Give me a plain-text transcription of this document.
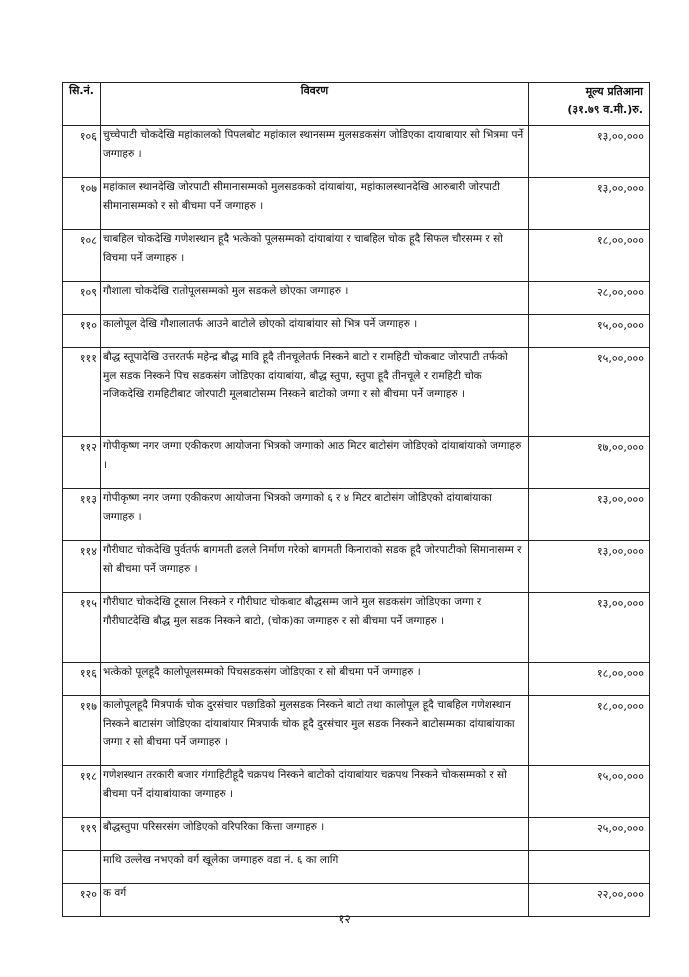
सि.नं.	विवरण	मूल्य प्रतिआना
(३१.७९ व.मी.)रु.

१०६	चुच्चेपाटी चोकदेखि महांकालको पिपलबोट महांकाल स्थानसम्म मुलसडकसंग जोडिएका दायाबायार सो भित्रमा पर्ने जग्गाहरु ।	१३,००,०००
१०७	महांकाल स्थानदेखि जोरपाटी सीमानासम्मको मुलसडकको दांयाबांया, महांकालस्थानदेखि आरुबारी जोरपाटी सीमानासम्मको र सो बीचमा पर्ने जग्गाहरु ।	१३,००,०००
१०८	चाबहिल चोकदेखि गणेशस्थान हूदै भत्केको पूलसम्मको दांयाबांया र चाबहिल चोक हूदै सिफल चौरसम्म र सो विचमा पर्ने जग्गाहरु ।	१८,००,०००
१०९	गौशाला चोकदेखि रातोपूलसम्मको मुल सडकले छोएका जग्गाहरु ।	२८,००,०००
११०	कालोपूल देखि गौशालातर्फ आउने बाटोले छोएको दांयाबांयार सो भित्र पर्ने जग्गाहरु ।	१५,००,०००
१११	बौद्ध स्तूपादेखि उत्तरतर्फ महेन्द्र बौद्ध मावि हूदै तीनचूलेतर्फ निस्कने बाटो र रामहिटी चोकबाट जोरपाटी तर्फको मुल सडक निस्कने पिच सडकसंग जोडिएका दांयाबांया, बौद्ध स्तुपा, स्तुपा हूदै तीनचूले र रामहिटी चोक नजिकदेखि रामहिटीबाट जोरपाटी मूलबाटोसम्म निस्कने बाटोको जग्गा र सो बीचमा पर्ने जग्गाहरु ।	१५,००,०००
११२	गोपीकृष्ण नगर जग्गा एकीकरण आयोजना भित्रको जग्गाको आठ मिटर बाटोसंग जोडिएको दांयाबांयाको जग्गाहरु ।	१७,००,०००
११३	गोपीकृष्ण नगर जग्गा एकीकरण आयोजना भित्रको जग्गाको ६ र ४ मिटर बाटोसंग जोडिएको दांयाबांयाका जग्गाहरु ।	१३,००,०००
११४	गौरीघाट चोकदेखि पुर्वतर्फ बागमती ढलले निर्माण गरेको बागमती किनाराको सडक हूदै जोरपाटीको सिमानासम्म र सो बीचमा पर्ने जग्गाहरु ।	१३,००,०००
११५	गौरीघाट चोकदेखि टूसाल निस्कने र गौरीघाट चोकबाट बौद्धसम्म जाने मुल सडकसंग जोडिएका जग्गा र गौरीघाटदेखि बौद्ध मुल सडक निस्कने बाटो, (चोक)का जग्गाहरु र सो बीचमा पर्ने जग्गाहरु ।	१३,००,०००
११६	भत्केको पूलहूदै कालोपूलसम्मको पिचसडकसंग जोडिएका र सो बीचमा पर्ने जग्गाहरु ।	१८,००,०००
११७	कालोपूलहूदै मित्रपार्क चोक दुरसंचार पछाडिको मुलसडक निस्कने बाटो तथा कालोपूल हूदै चाबहिल गणेशस्थान निस्कने बाटासंग जोडिएका दांयाबांयार मित्रपार्क चोक हूदै दुरसंचार मुल सडक निस्कने बाटोसम्मका दांयाबांयाका जग्गा र सो बीचमा पर्ने जग्गाहरु ।	१८,००,०००
११८	गणेशस्थान तरकारी बजार गंगाहिटीहूदै चक्रपथ निस्कने बाटोको दांयाबांयार चक्रपथ निस्कने चोकसम्मको र सो बीचमा पर्ने दांयाबांयाका जग्गाहरु ।	१५,००,०००
११९	बौद्धस्तुपा परिसरसंग जोडिएको वरिपरिका कित्ता जग्गाहरु ।	२५,००,०००
	माथि उल्लेख नभएको वर्ग खूलेका जग्गाहरु वडा नं. ६ का लागि	
१२०	क वर्ग	२२,००,०००
१२
